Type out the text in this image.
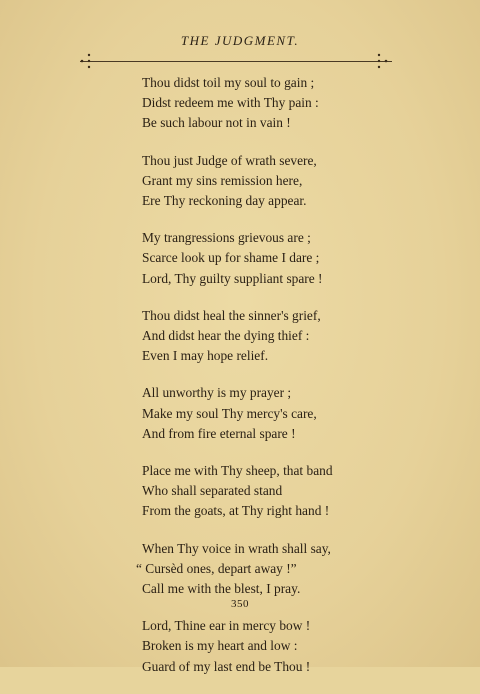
THE JUDGMENT.
Thou didst toil my soul to gain ;
Didst redeem me with Thy pain :
Be such labour not in vain !
Thou just Judge of wrath severe,
Grant my sins remission here,
Ere Thy reckoning day appear.
My trangressions grievous are ;
Scarce look up for shame I dare ;
Lord, Thy guilty suppliant spare !
Thou didst heal the sinner's grief,
And didst hear the dying thief :
Even I may hope relief.
All unworthy is my prayer ;
Make my soul Thy mercy's care,
And from fire eternal spare !
Place me with Thy sheep, that band
Who shall separated stand
From the goats, at Thy right hand !
When Thy voice in wrath shall say,
“ Cursèd ones, depart away !”
Call me with the blest, I pray.
Lord, Thine ear in mercy bow !
Broken is my heart and low :
Guard of my last end be Thou !
350
